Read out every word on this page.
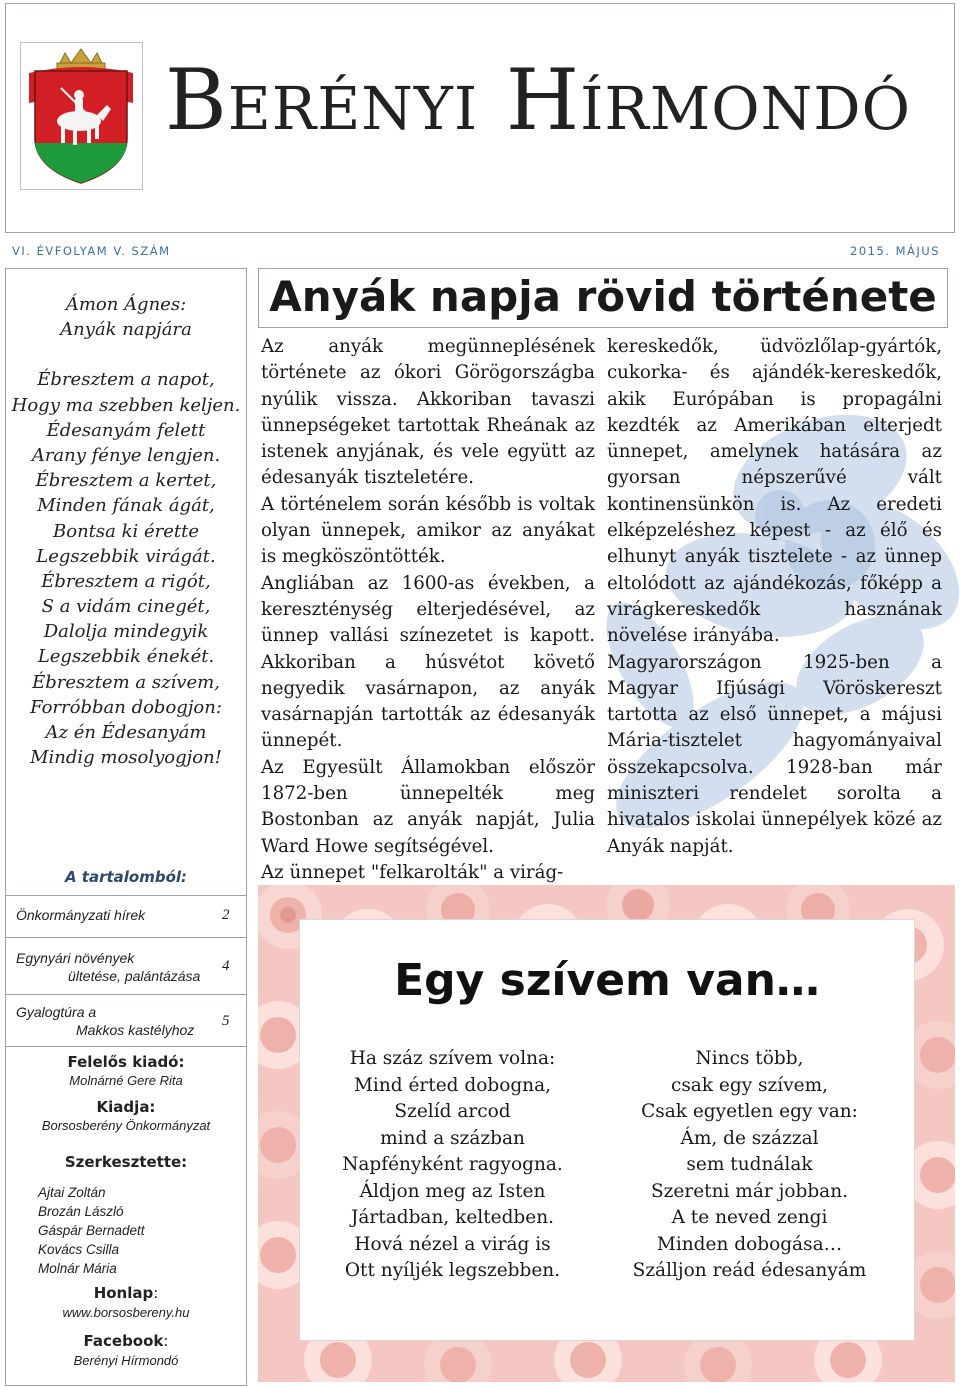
Berényi Hírmondó
VI. ÉVFOLYAM V. SZÁM	2015. MÁJUS
Ámon Ágnes:
Anyák napjára
Ébresztem a napot,
Hogy ma szebben keljen.
Édesanyám felett
Arany fénye lengjen.
Ébresztem a kertet,
Minden fának ágát,
Bontsa ki érette
Legszebbik virágát.
Ébresztem a rigót,
S a vidám cinegét,
Dalolja mindegyik
Legszebbik énekét.
Ébresztem a szívem,
Forróbban dobogjon:
Az én Édesanyám
Mindig mosolyogjon!
A tartalomból:
Önkormányzati hírek	2
Egynyári növények
ültetése, palántázása
4
Gyalogtúra a
Makkos kastélyhoz
5
Felelős kiadó:
Molnárné Gere Rita
Kiadja:
Borsosberény Önkormányzat
Szerkesztette:
Ajtai Zoltán
Brozán László
Gáspár Bernadett
Kovács Csilla
Molnár Mária
Honlap:
www.borsosbereny.hu
Facebook:
Berényi Hírmondó
Anyák napja rövid története

Az anyák megünneplésének története az ókori Görögországba nyúlik vissza. Akkoriban tavaszi ünnepségeket tartottak Rheának az istenek anyjának, és vele együtt az édesanyák tiszteletére.

A történelem során később is voltak olyan ünnepek, amikor az anyákat is megköszöntötték.

Angliában az 1600-as években, a kereszténység elterjedésével, az ünnep vallási színezetet is kapott. Akkoriban a húsvétot követő negyedik vasárnapon, az anyák vasárnapján tartották az édesanyák ünnepét.

Az Egyesült Államokban először 1872-ben ünnepelték meg Bostonban az anyák napját, Julia Ward Howe segítségével.

Az ünnepet "felkarolták" a virág-

kereskedők, üdvözlőlap-gyártók, cukorka- és ajándék-kereskedők, akik Európában is propagálni kezdték az Amerikában elterjedt ünnepet, amelynek hatására az gyorsan népszerűvé vált kontinensünkön is. Az eredeti elképzeléshez képest - az élő és elhunyt anyák tisztelete - az ünnep eltolódott az ajándékozás, főképp a virágkereskedők hasznának növelése irányába.

Magyarországon 1925-ben a Magyar Ifjúsági Vöröskereszt tartotta az első ünnepet, a májusi Mária-tisztelet hagyományaival összekapcsolva. 1928-ban már miniszteri rendelet sorolta a hivatalos iskolai ünnepélyek közé az Anyák napját.

Egy szívem van…
Ha száz szívem volna:
Mind érted dobogna,
Szelíd arcod
mind a százban
Napfényként ragyogna.
Áldjon meg az Isten
Jártadban, keltedben.
Hová nézel a virág is
Ott nyíljék legszebben.
Nincs több,
csak egy szívem,
Csak egyetlen egy van:
Ám, de százzal
sem tudnálak
Szeretni már jobban.
A te neved zengi
Minden dobogása…
Szálljon reád édesanyám
